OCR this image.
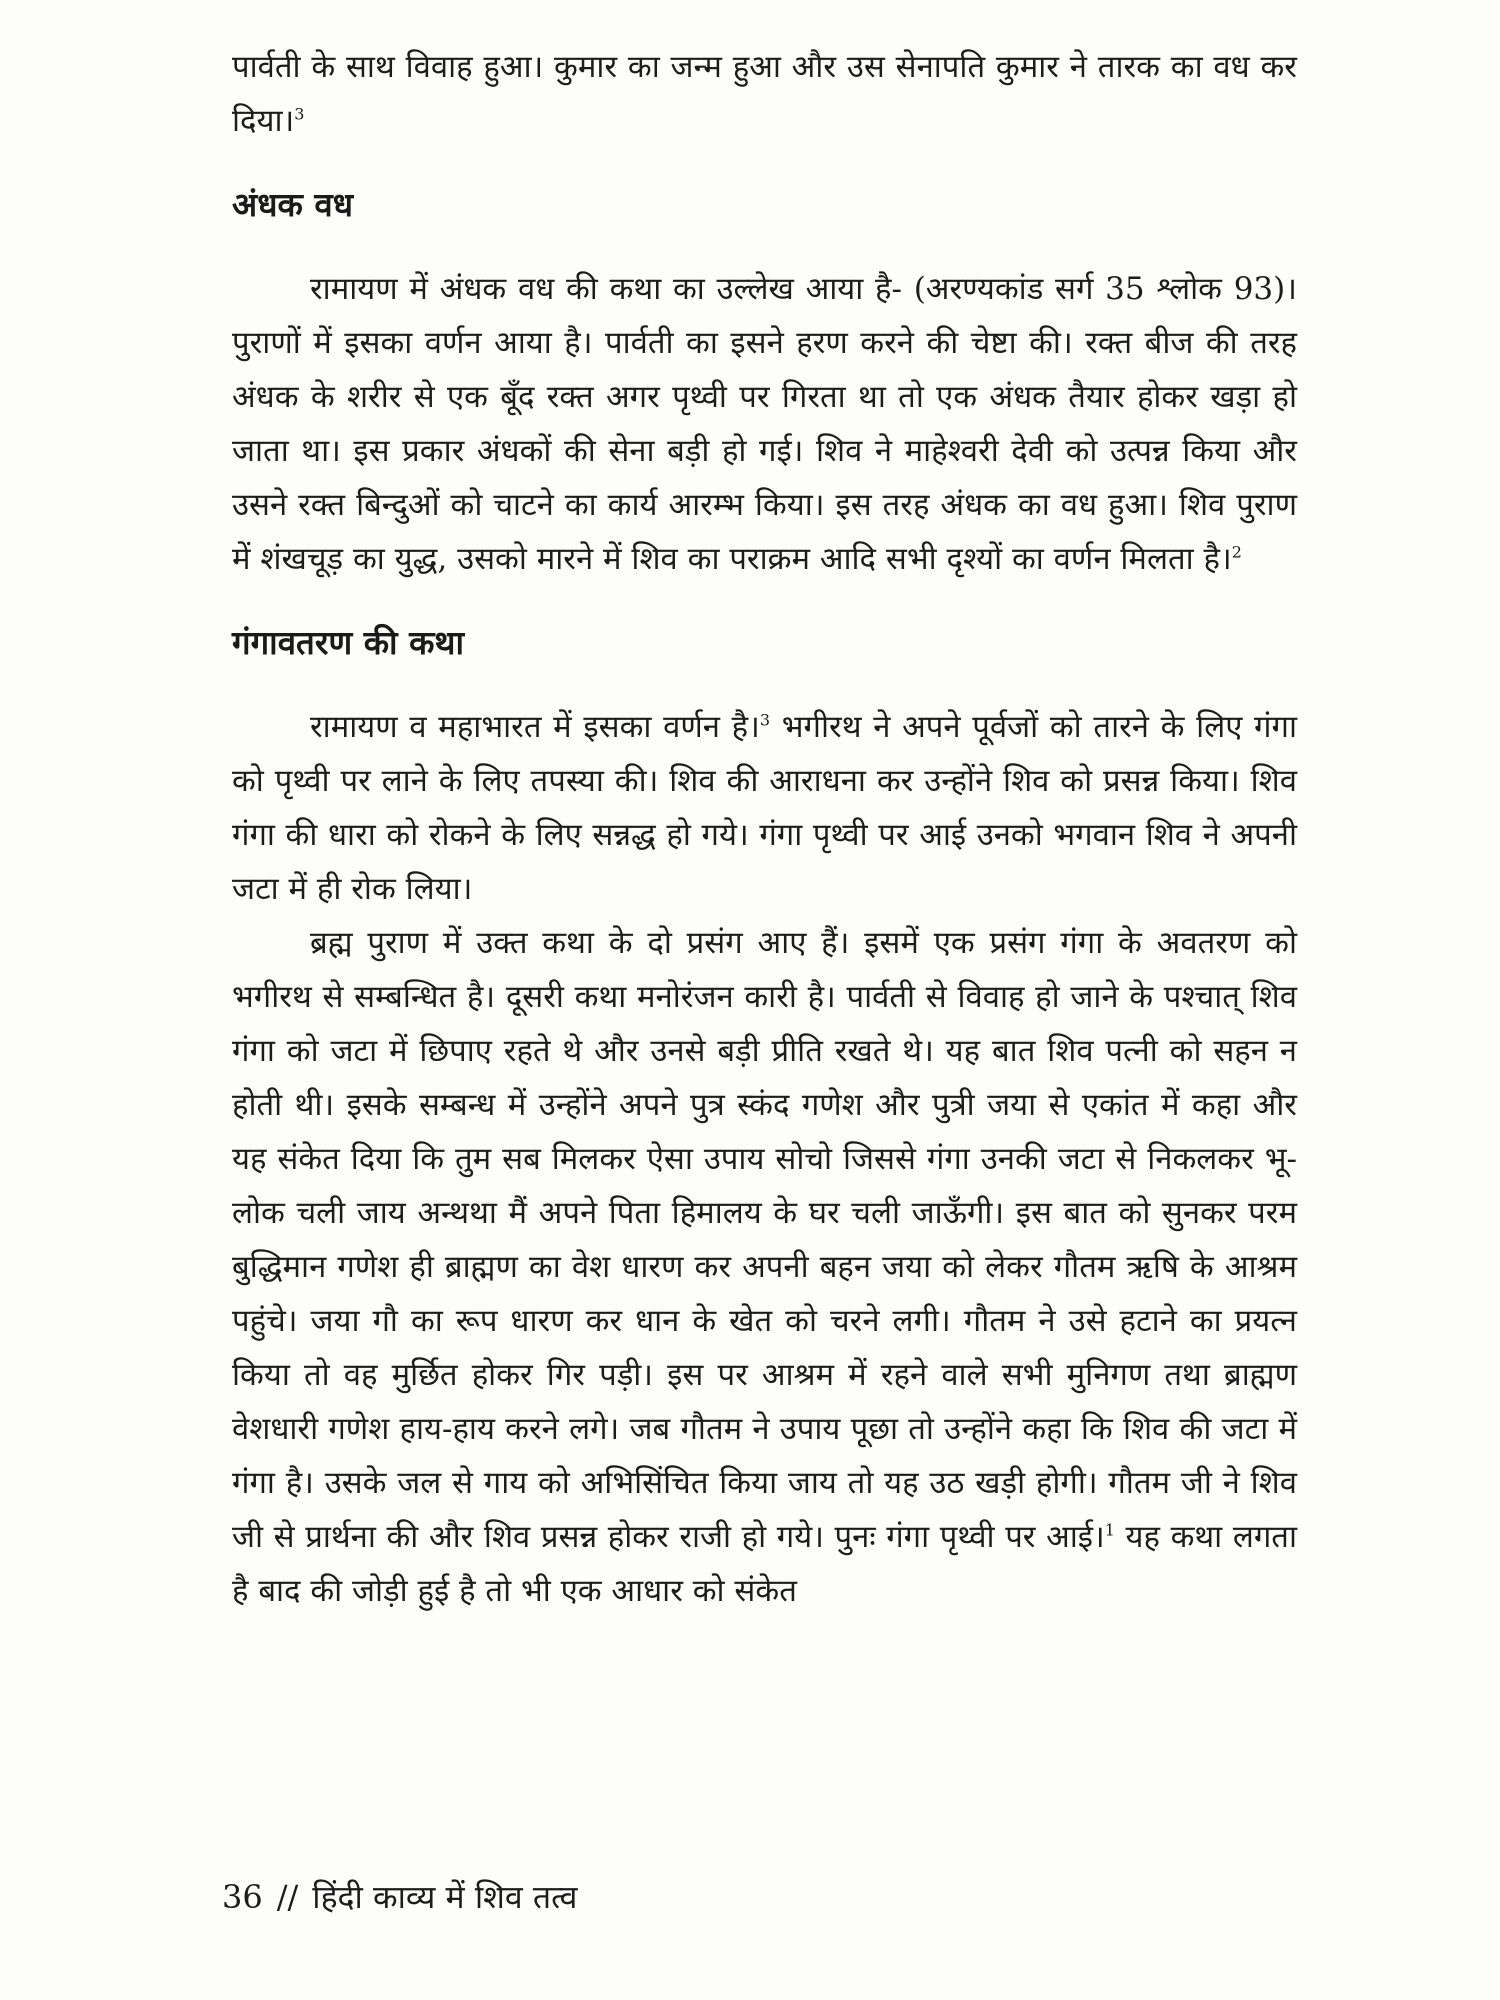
पार्वती के साथ विवाह हुआ। कुमार का जन्म हुआ और उस सेनापति कुमार ने तारक का वध कर दिया।$^3$

अंधक वध

रामायण में अंधक वध की कथा का उल्लेख आया है- (अरण्यकांड सर्ग 35 श्लोक 93)। पुराणों में इसका वर्णन आया है। पार्वती का इसने हरण करने की चेष्टा की। रक्त बीज की तरह अंधक के शरीर से एक बूँद रक्त अगर पृथ्वी पर गिरता था तो एक अंधक तैयार होकर खड़ा हो जाता था। इस प्रकार अंधकों की सेना बड़ी हो गई। शिव ने माहेश्वरी देवी को उत्पन्न किया और उसने रक्त बिन्दुओं को चाटने का कार्य आरम्भ किया। इस तरह अंधक का वध हुआ। शिव पुराण में शंखचूड़ का युद्ध, उसको मारने में शिव का पराक्रम आदि सभी दृश्यों का वर्णन मिलता है।$^2$

गंगावतरण की कथा

रामायण व महाभारत में इसका वर्णन है।$^3$ भगीरथ ने अपने पूर्वजों को तारने के लिए गंगा को पृथ्वी पर लाने के लिए तपस्या की। शिव की आराधना कर उन्होंने शिव को प्रसन्न किया। शिव गंगा की धारा को रोकने के लिए सन्नद्ध हो गये। गंगा पृथ्वी पर आई उनको भगवान शिव ने अपनी जटा में ही रोक लिया।

ब्रह्म पुराण में उक्त कथा के दो प्रसंग आए हैं। इसमें एक प्रसंग गंगा के अवतरण को भगीरथ से सम्बन्धित है। दूसरी कथा मनोरंजन कारी है। पार्वती से विवाह हो जाने के पश्चात् शिव गंगा को जटा में छिपाए रहते थे और उनसे बड़ी प्रीति रखते थे। यह बात शिव पत्नी को सहन न होती थी। इसके सम्बन्ध में उन्होंने अपने पुत्र स्कंद गणेश और पुत्री जया से एकांत में कहा और यह संकेत दिया कि तुम सब मिलकर ऐसा उपाय सोचो जिससे गंगा उनकी जटा से निकलकर भू-लोक चली जाय अन्थथा मैं अपने पिता हिमालय के घर चली जाऊँगी। इस बात को सुनकर परम बुद्धिमान गणेश ही ब्राह्मण का वेश धारण कर अपनी बहन जया को लेकर गौतम ऋषि के आश्रम पहुंचे। जया गौ का रूप धारण कर धान के खेत को चरने लगी। गौतम ने उसे हटाने का प्रयत्न किया तो वह मुर्छित होकर गिर पड़ी। इस पर आश्रम में रहने वाले सभी मुनिगण तथा ब्राह्मण वेशधारी गणेश हाय-हाय करने लगे। जब गौतम ने उपाय पूछा तो उन्होंने कहा कि शिव की जटा में गंगा है। उसके जल से गाय को अभिसिंचित किया जाय तो यह उठ खड़ी होगी। गौतम जी ने शिव जी से प्रार्थना की और शिव प्रसन्न होकर राजी हो गये। पुनः गंगा पृथ्वी पर आई।$^1$ यह कथा लगता है बाद की जोड़ी हुई है तो भी एक आधार को संकेत

36 // हिंदी काव्य में शिव तत्व
